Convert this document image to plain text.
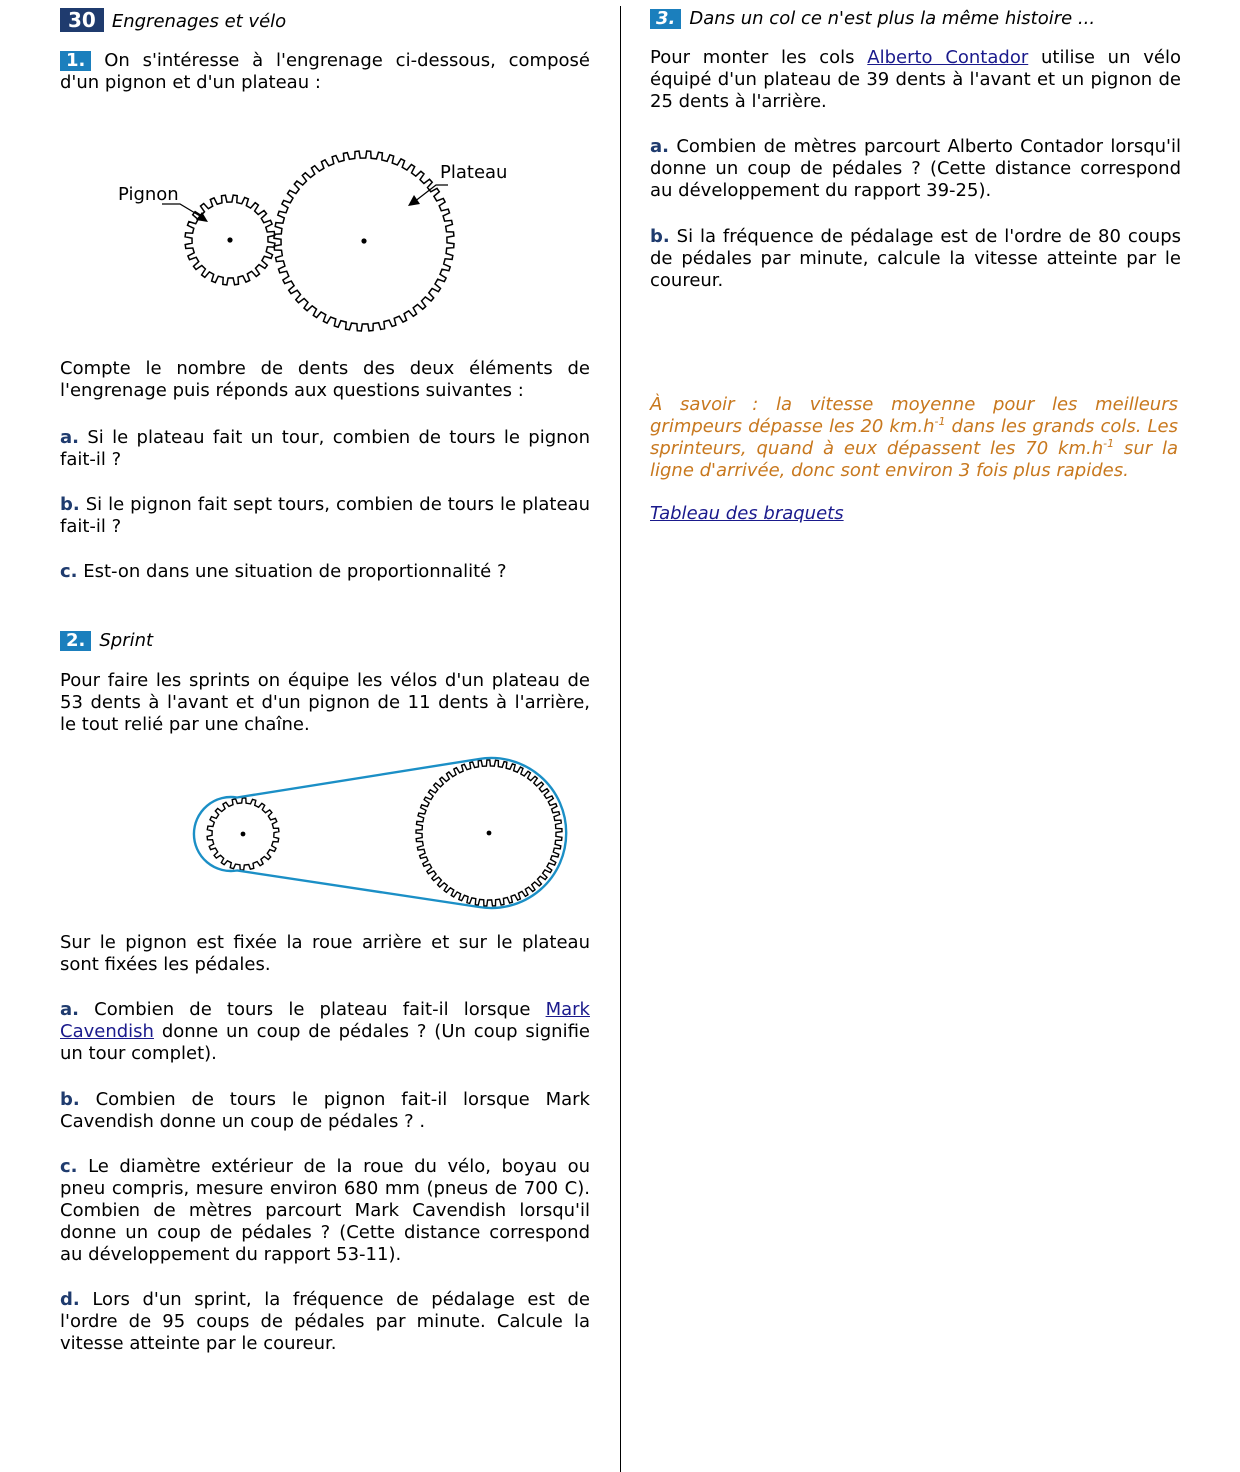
30 Engrenages et vélo

1. On s'intéresse à l'engrenage ci-dessous, composé d'un pignon et d'un plateau :

Pignon
Plateau

Compte le nombre de dents des deux éléments de l'engrenage puis réponds aux questions suivantes :

a. Si le plateau fait un tour, combien de tours le pignon fait-il ?

b. Si le pignon fait sept tours, combien de tours le plateau fait-il ?

c. Est-on dans une situation de proportionnalité ?

2. Sprint

Pour faire les sprints on équipe les vélos d'un plateau de 53 dents à l'avant et d'un pignon de 11 dents à l'arrière, le tout relié par une chaîne.

Sur le pignon est fixée la roue arrière et sur le plateau sont fixées les pédales.

a. Combien de tours le plateau fait-il lorsque Mark Cavendish donne un coup de pédales ? (Un coup signifie un tour complet).

b. Combien de tours le pignon fait-il lorsque Mark Cavendish donne un coup de pédales ? .

c. Le diamètre extérieur de la roue du vélo, boyau ou pneu compris, mesure environ 680 mm (pneus de 700 C). Combien de mètres parcourt Mark Cavendish lorsqu'il donne un coup de pédales ? (Cette distance correspond au développement du rapport 53-11).

d. Lors d'un sprint, la fréquence de pédalage est de l'ordre de 95 coups de pédales par minute. Calcule la vitesse atteinte par le coureur.

3. Dans un col ce n'est plus la même histoire ...

Pour monter les cols Alberto Contador utilise un vélo équipé d'un plateau de 39 dents à l'avant et un pignon de 25 dents à l'arrière.

a. Combien de mètres parcourt Alberto Contador lorsqu'il donne un coup de pédales ? (Cette distance correspond au développement du rapport 39-25).

b. Si la fréquence de pédalage est de l'ordre de 80 coups de pédales par minute, calcule la vitesse atteinte par le coureur.

À savoir : la vitesse moyenne pour les meilleurs grimpeurs dépasse les 20 $km.h^{-1}$ dans les grands cols. Les sprinteurs, quand à eux dépassent les 70 $km.h^{-1}$ sur la ligne d'arrivée, donc sont environ 3 fois plus rapides.

Tableau des braquets
